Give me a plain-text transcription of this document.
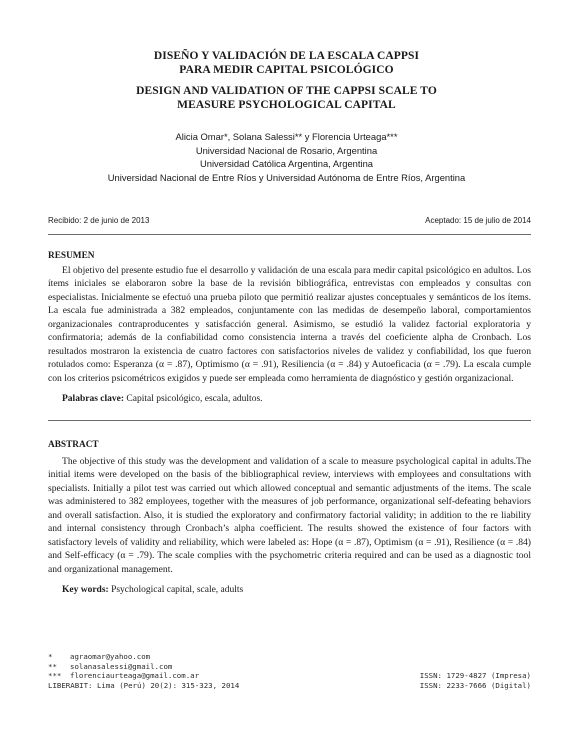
DISEÑO Y VALIDACIÓN DE LA ESCALA CAPPSI
PARA MEDIR CAPITAL PSICOLÓGICO
DESIGN AND VALIDATION OF THE CAPPSI SCALE TO
MEASURE PSYCHOLOGICAL CAPITAL
Alicia Omar*, Solana Salessi** y Florencia Urteaga***
Universidad Nacional de Rosario, Argentina
Universidad Católica Argentina, Argentina
Universidad Nacional de Entre Ríos y Universidad Autónoma de Entre Ríos, Argentina
Recibido: 2 de junio de 2013	Aceptado: 15 de julio de 2014
RESUMEN

El objetivo del presente estudio fue el desarrollo y validación de una escala para medir capital psicológico en adultos. Los ítems iniciales se elaboraron sobre la base de la revisión bibliográfica, entrevistas con empleados y consultas con especialistas. Inicialmente se efectuó una prueba piloto que permitió realizar ajustes conceptuales y semánticos de los ítems. La escala fue administrada a 382 empleados, conjuntamente con las medidas de desempeño laboral, comportamientos organizacionales contraproducentes y satisfacción general. Asimismo, se estudió la validez factorial exploratoria y confirmatoria; además de la confiabilidad como consistencia interna a través del coeficiente alpha de Cronbach. Los resultados mostraron la existencia de cuatro factores con satisfactorios niveles de validez y confiabilidad, los que fueron rotulados como: Esperanza (α = .87), Optimismo (α = .91), Resiliencia (α = .84) y Autoeficacia (α = .79). La escala cumple con los criterios psicométricos exigidos y puede ser empleada como herramienta de diagnóstico y gestión organizacional.

Palabras clave: Capital psicológico, escala, adultos.
ABSTRACT

The objective of this study was the development and validation of a scale to measure psychological capital in adults.The initial items were developed on the basis of the bibliographical review, interviews with employees and consultations with specialists. Initially a pilot test was carried out which allowed conceptual and semantic adjustments of the items. The scale was administered to 382 employees, together with the measures of job performance, organizational self-defeating behaviors and overall satisfaction. Also, it is studied the exploratory and confirmatory factorial validity; in addition to the re liability and internal consistency through Cronbach’s alpha coefficient. The results showed the existence of four factors with satisfactory levels of validity and reliability, which were labeled as: Hope (α = .87), Optimism (α = .91), Resilience (α = .84) and Self-efficacy (α = .79). The scale complies with the psychometric criteria required and can be used as a diagnostic tool and organizational management.

Key words: Psychological capital, scale, adults
* agraomar@yahoo.com
** solanasalessi@gmail.com
*** florenciaurteaga@gmail.com.ar
LIBERABIT: Lima (Perú) 20(2): 315-323, 2014
ISSN: 1729-4827 (Impresa)
ISSN: 2233-7666 (Digital)
